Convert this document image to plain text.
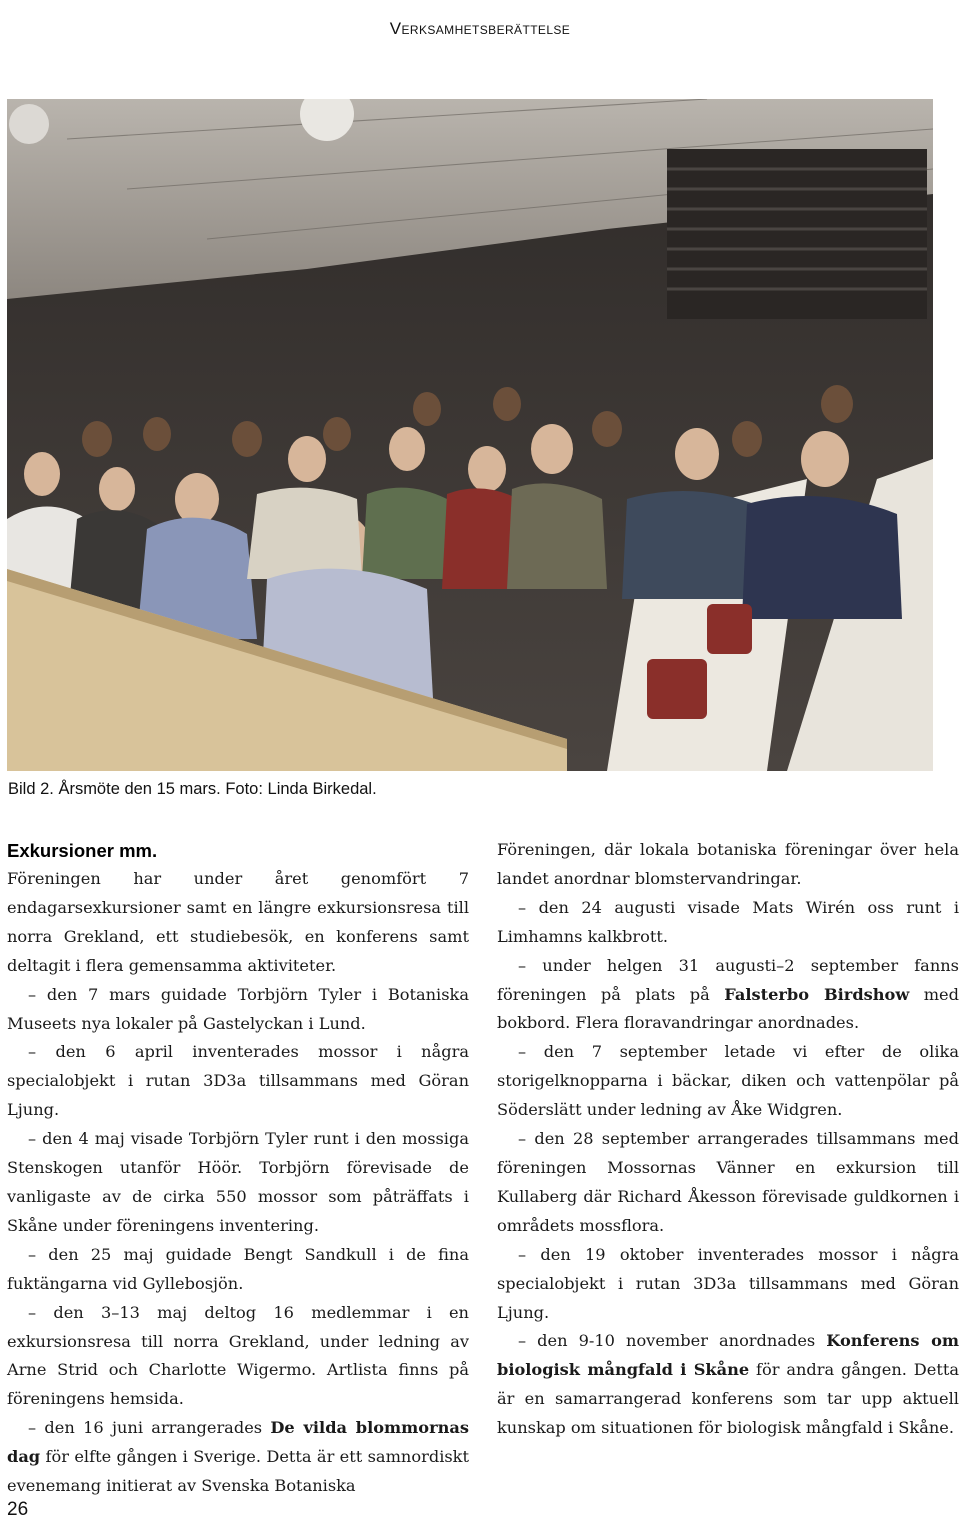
Verksamhetsberättelse
Bild 2. Årsmöte den 15 mars. Foto: Linda Birkedal.

Exkursioner mm.

Föreningen har under året genomfört 7 endagarsexkursioner samt en längre exkursionsresa till norra Grekland, ett studiebesök, en konferens samt deltagit i flera gemensamma aktiviteter.

– den 7 mars guidade Torbjörn Tyler i Botaniska Museets nya lokaler på Gastelyckan i Lund.

– den 6 april inventerades mossor i några specialobjekt i rutan 3D3a tillsammans med Göran Ljung.

– den 4 maj visade Torbjörn Tyler runt i den mossiga Stenskogen utanför Höör. Torbjörn förevisade de vanligaste av de cirka 550 mossor som påträffats i Skåne under föreningens inventering.

– den 25 maj guidade Bengt Sandkull i de fina fuktängarna vid Gyllebosjön.

– den 3–13 maj deltog 16 medlemmar i en exkursionsresa till norra Grekland, under ledning av Arne Strid och Charlotte Wigermo. Artlista finns på föreningens hemsida.

– den 16 juni arrangerades De vilda blommornas dag för elfte gången i Sverige. Detta är ett samnordiskt evenemang initierat av Svenska Botaniska

Föreningen, där lokala botaniska föreningar över hela landet anordnar blomstervandringar.

– den 24 augusti visade Mats Wirén oss runt i Limhamns kalkbrott.

– under helgen 31 augusti–2 september fanns föreningen på plats på Falsterbo Birdshow med bokbord. Flera floravandringar anordnades.

– den 7 september letade vi efter de olika storigelknopparna i bäckar, diken och vattenpölar på Söderslätt under ledning av Åke Widgren.

– den 28 september arrangerades tillsammans med föreningen Mossornas Vänner en exkursion till Kullaberg där Richard Åkesson förevisade guldkornen i områdets mossflora.

– den 19 oktober inventerades mossor i några specialobjekt i rutan 3D3a tillsammans med Göran Ljung.

– den 9-10 november anordnades Konferens om biologisk mångfald i Skåne för andra gången. Detta är en samarrangerad konferens som tar upp aktuell kunskap om situationen för biologisk mångfald i Skåne.

26
